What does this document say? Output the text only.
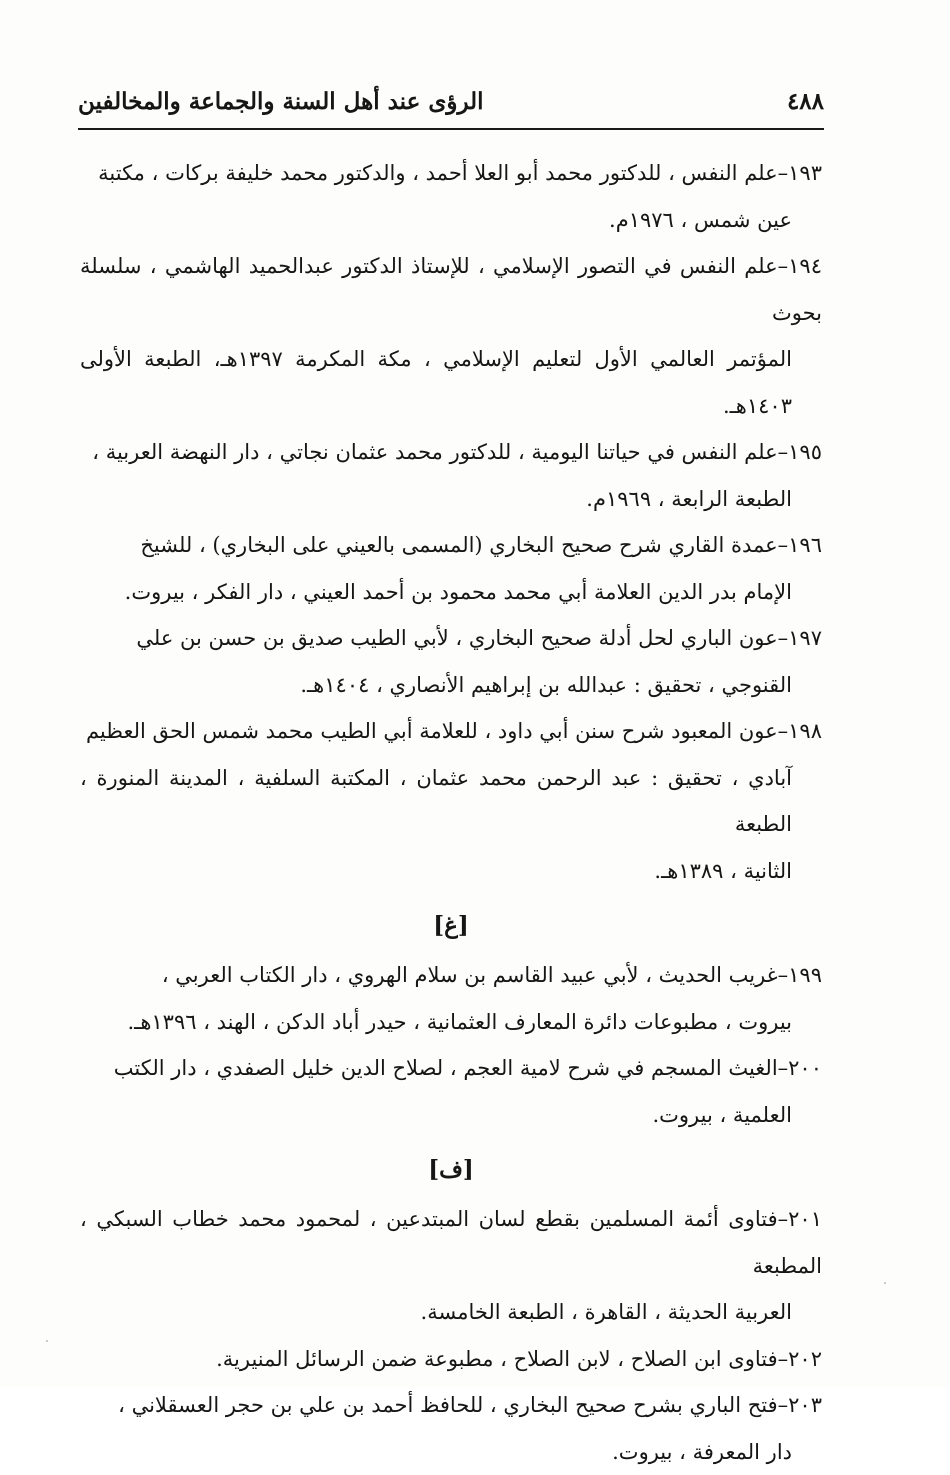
٤٨٨
الرؤى عند أهل السنة والجماعة والمخالفين

١٩٣–علم النفس ، للدكتور محمد أبو العلا أحمد ، والدكتور محمد خليفة بركات ، مكتبة
عين شمس ، ١٩٧٦م.

١٩٤–علم النفس في التصور الإسلامي ، للإستاذ الدكتور عبدالحميد الهاشمي ، سلسلة بحوث
المؤتمر العالمي الأول لتعليم الإسلامي ، مكة المكرمة ١٣٩٧هـ، الطبعة الأولى ١٤٠٣هـ.

١٩٥–علم النفس في حياتنا اليومية ، للدكتور محمد عثمان نجاتي ، دار النهضة العربية ،
الطبعة الرابعة ، ١٩٦٩م.

١٩٦–عمدة القاري شرح صحيح البخاري (المسمى بالعيني على البخاري) ، للشيخ
الإمام بدر الدين العلامة أبي محمد محمود بن أحمد العيني ، دار الفكر ، بيروت.

١٩٧–عون الباري لحل أدلة صحيح البخاري ، لأبي الطيب صديق بن حسن بن علي
القنوجي ، تحقيق : عبدالله بن إبراهيم الأنصاري ، ١٤٠٤هـ.

١٩٨–عون المعبود شرح سنن أبي داود ، للعلامة أبي الطيب محمد شمس الحق العظيم
آبادي ، تحقيق : عبد الرحمن محمد عثمان ، المكتبة السلفية ، المدينة المنورة ، الطبعة
الثانية ، ١٣٨٩هـ.

[غ]

١٩٩–غريب الحديث ، لأبي عبيد القاسم بن سلام الهروي ، دار الكتاب العربي ،
بيروت ، مطبوعات دائرة المعارف العثمانية ، حيدر أباد الدكن ، الهند ، ١٣٩٦هـ.

٢٠٠–الغيث المسجم في شرح لامية العجم ، لصلاح الدين خليل الصفدي ، دار الكتب
العلمية ، بيروت.

[ف]

٢٠١–فتاوى أئمة المسلمين بقطع لسان المبتدعين ، لمحمود محمد خطاب السبكي ، المطبعة
العربية الحديثة ، القاهرة ، الطبعة الخامسة.

٢٠٢–فتاوى ابن الصلاح ، لابن الصلاح ، مطبوعة ضمن الرسائل المنيرية.

٢٠٣–فتح الباري بشرح صحيح البخاري ، للحافظ أحمد بن علي بن حجر العسقلاني ،
دار المعرفة ، بيروت.
